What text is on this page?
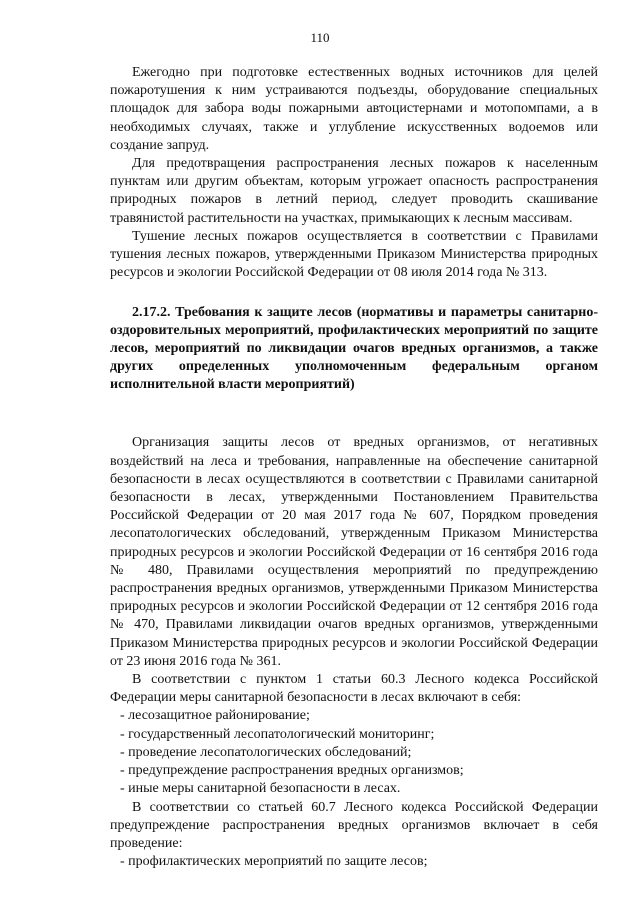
110

Ежегодно при подготовке естественных водных источников для целей пожаротушения к ним устраиваются подъезды, оборудование специальных площадок для забора воды пожарными автоцистернами и мотопомпами, а в необходимых случаях, также и углубление искусственных водоемов или создание запруд.

Для предотвращения распространения лесных пожаров к населенным пунктам или другим объектам, которым угрожает опасность распространения природных пожаров в летний период, следует проводить скашивание травянистой растительности на участках, примыкающих к лесным массивам.

Тушение лесных пожаров осуществляется в соответствии с Правилами тушения лесных пожаров, утвержденными Приказом Министерства природных ресурсов и экологии Российской Федерации от 08 июля 2014 года № 313.

2.17.2. Требования к защите лесов (нормативы и параметры санитарно-оздоровительных мероприятий, профилактических мероприятий по защите лесов, мероприятий по ликвидации очагов вредных организмов, а также других определенных уполномоченным федеральным органом исполнительной власти мероприятий)

Организация защиты лесов от вредных организмов, от негативных воздействий на леса и требования, направленные на обеспечение санитарной безопасности в лесах осуществляются в соответствии с Правилами санитарной безопасности в лесах, утвержденными Постановлением Правительства Российской Федерации от 20 мая 2017 года № 607, Порядком проведения лесопатологических обследований, утвержденным Приказом Министерства природных ресурсов и экологии Российской Федерации от 16 сентября 2016 года № 480, Правилами осуществления мероприятий по предупреждению распространения вредных организмов, утвержденными Приказом Министерства природных ресурсов и экологии Российской Федерации от 12 сентября 2016 года № 470, Правилами ликвидации очагов вредных организмов, утвержденными Приказом Министерства природных ресурсов и экологии Российской Федерации от 23 июня 2016 года № 361.

В соответствии с пунктом 1 статьи 60.3 Лесного кодекса Российской Федерации меры санитарной безопасности в лесах включают в себя:

- лесозащитное районирование;
- государственный лесопатологический мониторинг;
- проведение лесопатологических обследований;
- предупреждение распространения вредных организмов;
- иные меры санитарной безопасности в лесах.

В соответствии со статьей 60.7 Лесного кодекса Российской Федерации предупреждение распространения вредных организмов включает в себя проведение:

- профилактических мероприятий по защите лесов;
